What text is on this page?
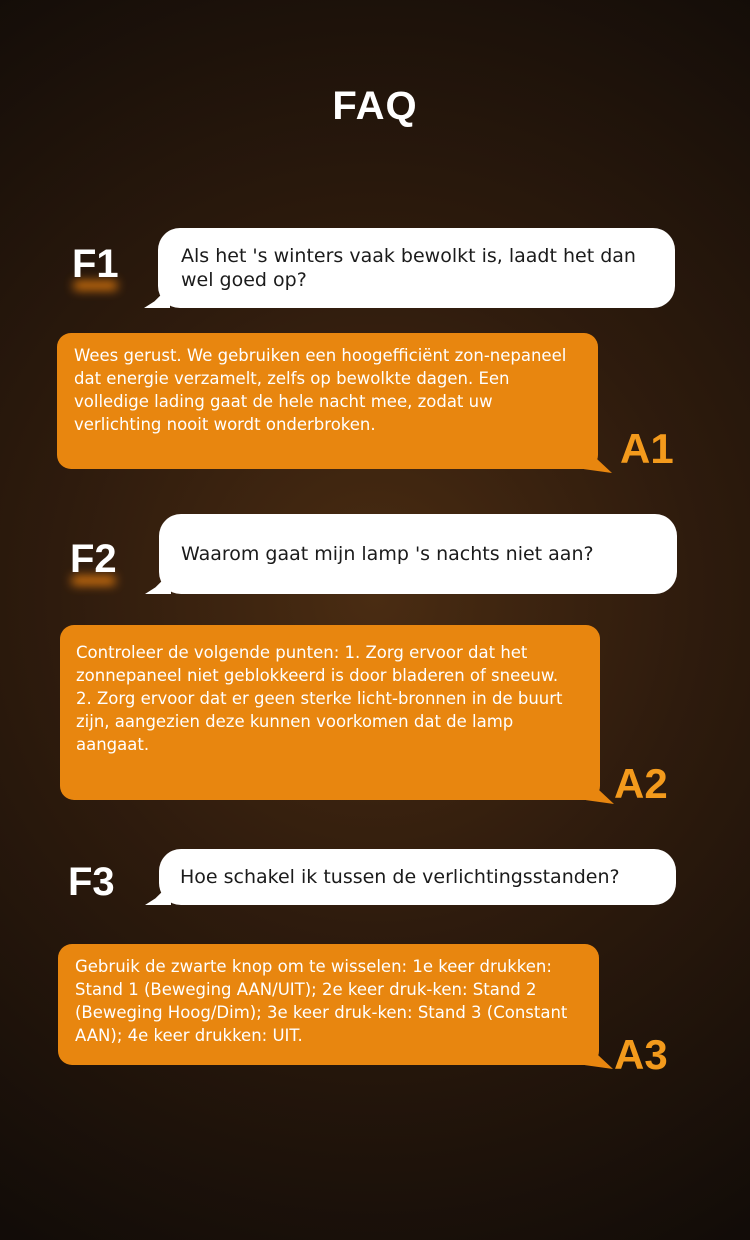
FAQ
F1	Als het 's winters vaak bewolkt is, laadt het dan wel goed op?
Wees gerust. We gebruiken een hoogefficiënt zon-nepaneel dat energie verzamelt, zelfs op bewolkte dagen. Een volledige lading gaat de hele nacht mee, zodat uw verlichting nooit wordt onderbroken.
A1
F2	Waarom gaat mijn lamp 's nachts niet aan?
Controleer de volgende punten: 1. Zorg ervoor dat het zonnepaneel niet geblokkeerd is door bladeren of sneeuw. 2. Zorg ervoor dat er geen sterke licht-bronnen in de buurt zijn, aangezien deze kunnen voorkomen dat de lamp aangaat.
A2
F3	Hoe schakel ik tussen de verlichtingsstanden?
Gebruik de zwarte knop om te wisselen: 1e keer drukken: Stand 1 (Beweging AAN/UIT); 2e keer druk-ken: Stand 2 (Beweging Hoog/Dim); 3e keer druk-ken: Stand 3 (Constant AAN); 4e keer drukken: UIT.	A3
